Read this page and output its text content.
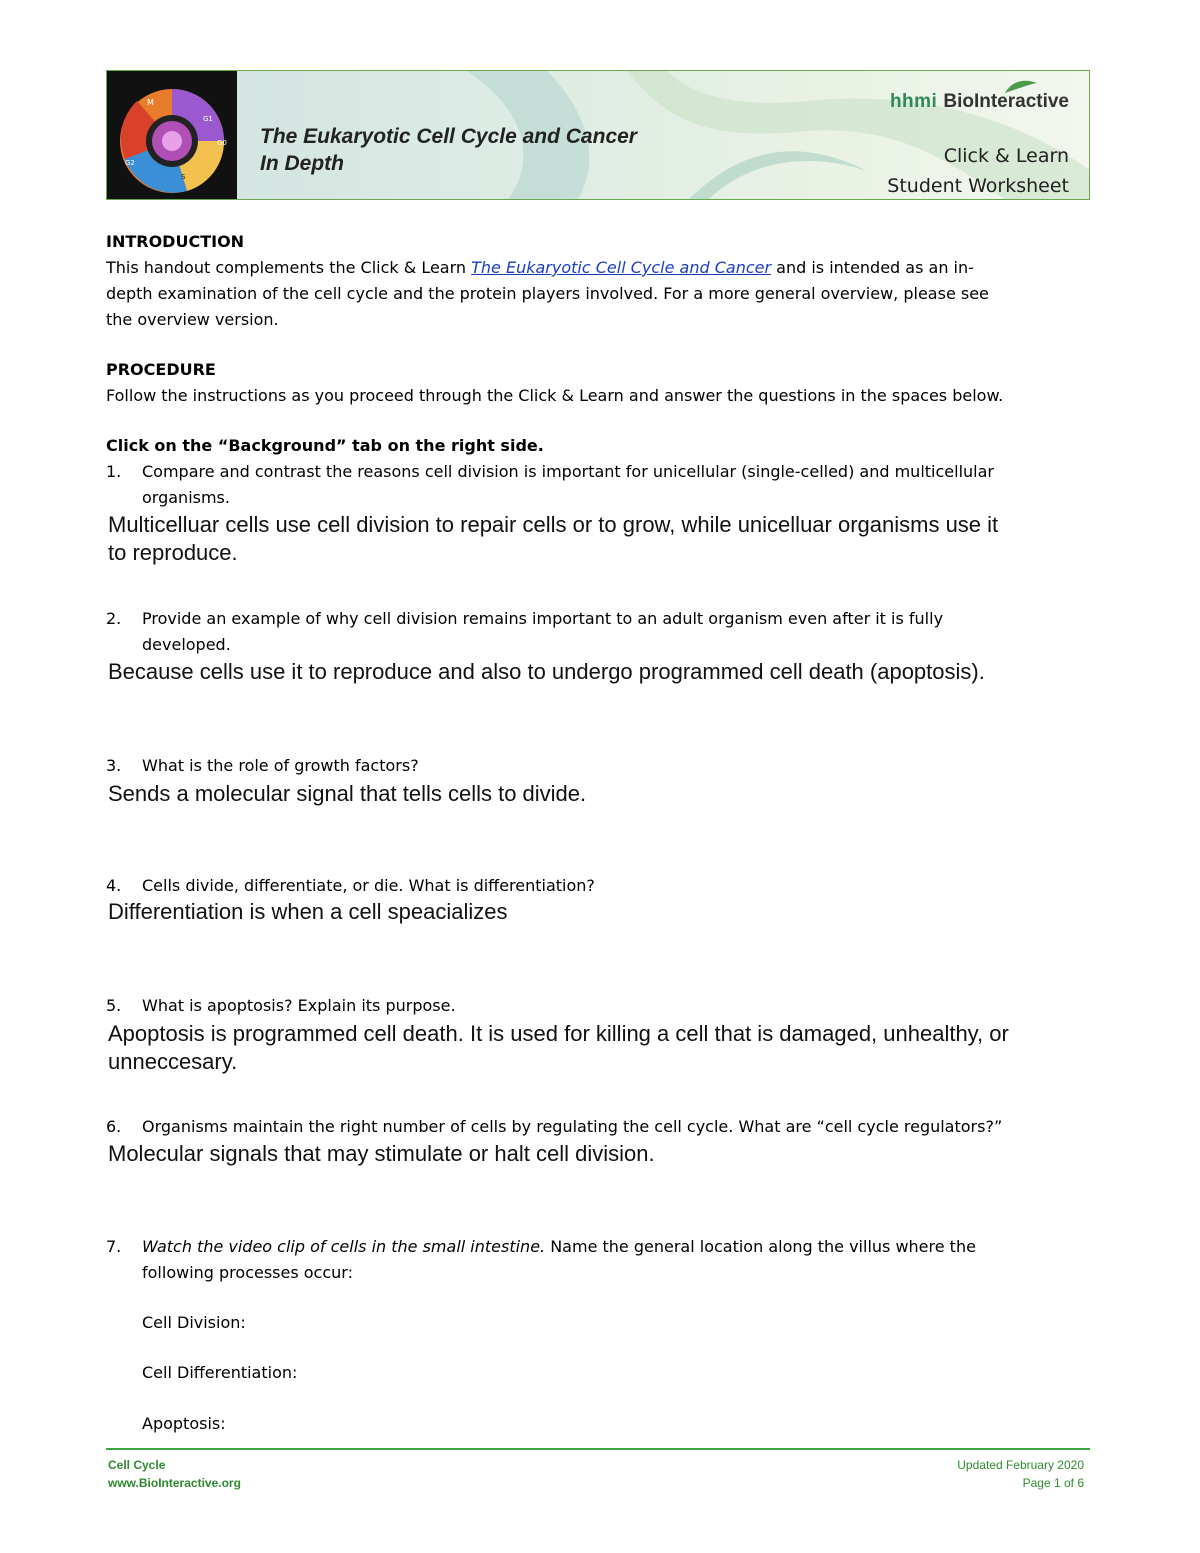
M
G1
G0
S
G2
The Eukaryotic Cell Cycle and Cancer
In Depth
hhmi BioInteractive
Click & Learn
Student Worksheet
INTRODUCTION
This handout complements the Click & Learn The Eukaryotic Cell Cycle and Cancer and is intended as an in-
depth examination of the cell cycle and the protein players involved. For a more general overview, please see
the overview version.
PROCEDURE
Follow the instructions as you proceed through the Click & Learn and answer the questions in the spaces below.
Click on the “Background” tab on the right side.
1. Compare and contrast the reasons cell division is important for unicellular (single-celled) and multicellular
organisms.
Multicelluar cells use cell division to repair cells or to grow, while unicelluar organisms use it
to reproduce.
2. Provide an example of why cell division remains important to an adult organism even after it is fully
developed.
Because cells use it to reproduce and also to undergo programmed cell death (apoptosis).
3. What is the role of growth factors?
Sends a molecular signal that tells cells to divide.
4. Cells divide, differentiate, or die. What is differentiation?
Differentiation is when a cell speacializes
5. What is apoptosis? Explain its purpose.
Apoptosis is programmed cell death. It is used for killing a cell that is damaged, unhealthy, or
unneccesary.
6. Organisms maintain the right number of cells by regulating the cell cycle. What are “cell cycle regulators?”
Molecular signals that may stimulate or halt cell division.
7. Watch the video clip of cells in the small intestine. Name the general location along the villus where the
following processes occur:
Cell Division:
Cell Differentiation:
Apoptosis:
Cell Cycle
www.BioInteractive.org
Updated February 2020
Page 1 of 6
